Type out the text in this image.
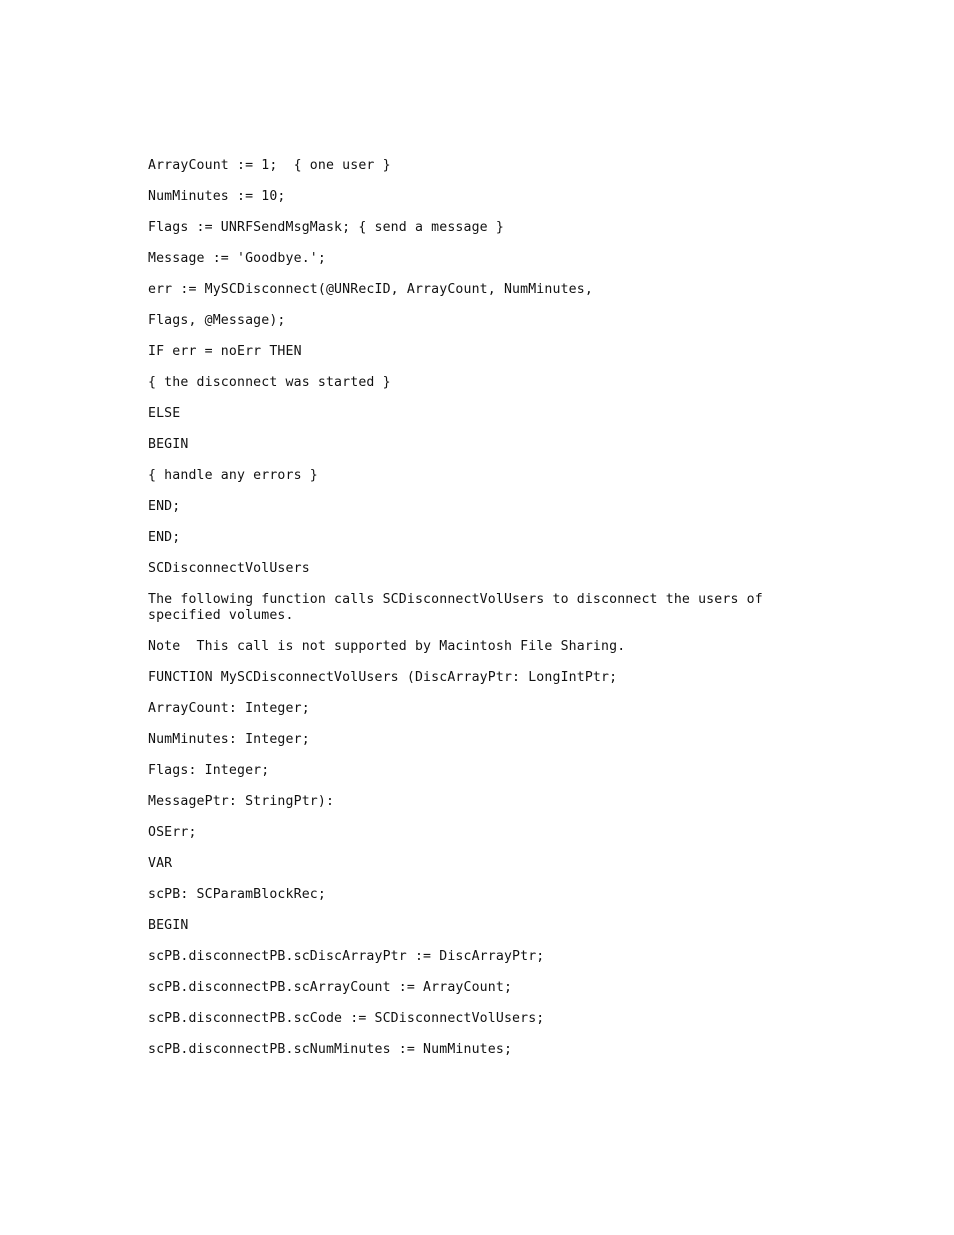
ArrayCount := 1;  { one user }
NumMinutes := 10;
Flags := UNRFSendMsgMask; { send a message }
Message := 'Goodbye.';
err := MySCDisconnect(@UNRecID, ArrayCount, NumMinutes,
Flags, @Message);
IF err = noErr THEN
{ the disconnect was started }
ELSE
BEGIN
{ handle any errors }
END;
END;
SCDisconnectVolUsers
The following function calls SCDisconnectVolUsers to disconnect the users of
specified volumes.
Note  This call is not supported by Macintosh File Sharing.
FUNCTION MySCDisconnectVolUsers (DiscArrayPtr: LongIntPtr;
ArrayCount: Integer;
NumMinutes: Integer;
Flags: Integer;
MessagePtr: StringPtr):
OSErr;
VAR
scPB: SCParamBlockRec;
BEGIN
scPB.disconnectPB.scDiscArrayPtr := DiscArrayPtr;
scPB.disconnectPB.scArrayCount := ArrayCount;
scPB.disconnectPB.scCode := SCDisconnectVolUsers;
scPB.disconnectPB.scNumMinutes := NumMinutes;
